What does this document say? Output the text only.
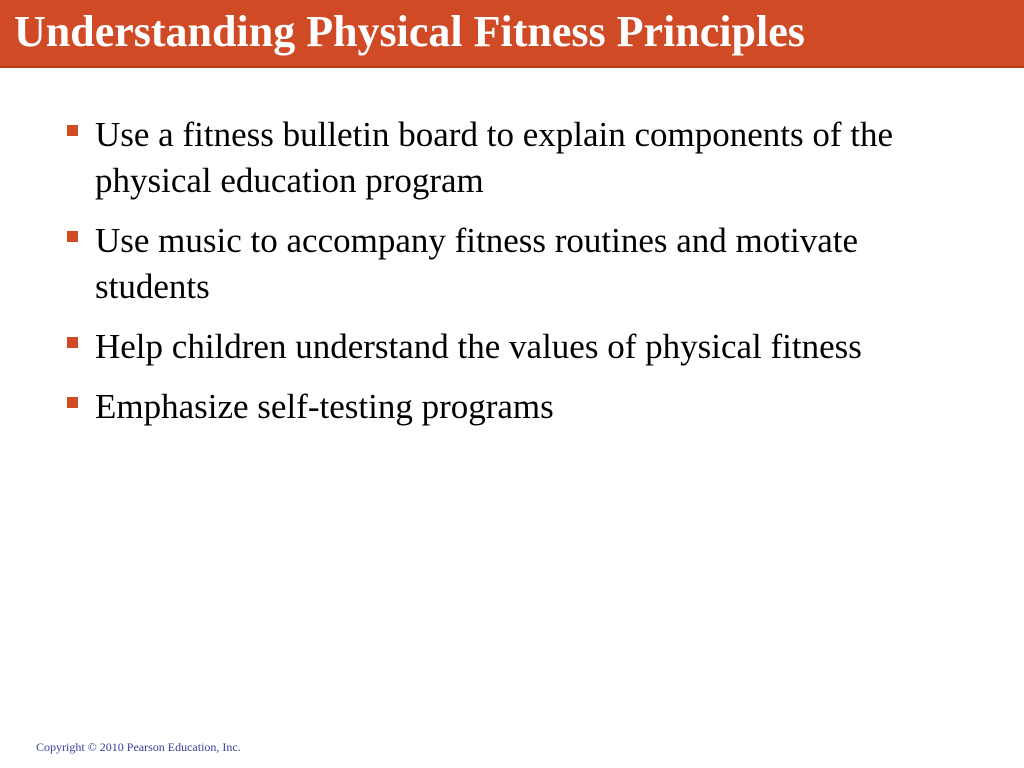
Understanding Physical Fitness Principles
Use a fitness bulletin board to explain components of the physical education program
Use music to accompany fitness routines and motivate students
Help children understand the values of physical fitness
Emphasize self-testing programs
Copyright © 2010 Pearson Education, Inc.
